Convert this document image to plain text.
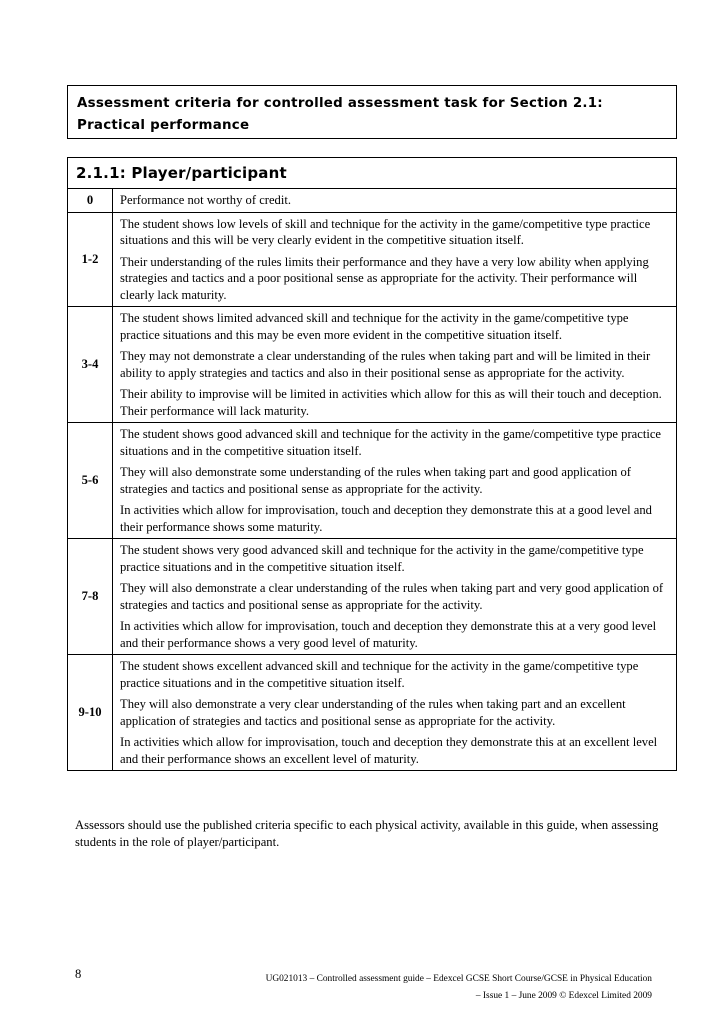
Assessment criteria for controlled assessment task for Section 2.1: Practical performance
2.1.1: Player/participant	
0	Performance not worthy of credit.

1-2	The student shows low levels of skill and technique for the activity in the game/competitive type practice situations and this will be very clearly evident in the competitive situation itself.

Their understanding of the rules limits their performance and they have a very low ability when applying strategies and tactics and a poor positional sense as appropriate for the activity. Their performance will clearly lack maturity.

3-4	The student shows limited advanced skill and technique for the activity in the game/competitive type practice situations and this may be even more evident in the competitive situation itself.

They may not demonstrate a clear understanding of the rules when taking part and will be limited in their ability to apply strategies and tactics and also in their positional sense as appropriate for the activity.

Their ability to improvise will be limited in activities which allow for this as will their touch and deception. Their performance will lack maturity.

5-6	The student shows good advanced skill and technique for the activity in the game/competitive type practice situations and in the competitive situation itself.

They will also demonstrate some understanding of the rules when taking part and good application of strategies and tactics and positional sense as appropriate for the activity.

In activities which allow for improvisation, touch and deception they demonstrate this at a good level and their performance shows some maturity.

7-8	The student shows very good advanced skill and technique for the activity in the game/competitive type practice situations and in the competitive situation itself.

They will also demonstrate a clear understanding of the rules when taking part and very good application of strategies and tactics and positional sense as appropriate for the activity.

In activities which allow for improvisation, touch and deception they demonstrate this at a very good level and their performance shows a very good level of maturity.

9-10	The student shows excellent advanced skill and technique for the activity in the game/competitive type practice situations and in the competitive situation itself.

They will also demonstrate a very clear understanding of the rules when taking part and an excellent application of strategies and tactics and positional sense as appropriate for the activity.

In activities which allow for improvisation, touch and deception they demonstrate this at an excellent level and their performance shows an excellent level of maturity.

Assessors should use the published criteria specific to each physical activity, available in this guide, when assessing students in the role of player/participant.

8	UG021013 – Controlled assessment guide – Edexcel GCSE Short Course/GCSE in Physical Education
– Issue 1 – June 2009 © Edexcel Limited 2009
